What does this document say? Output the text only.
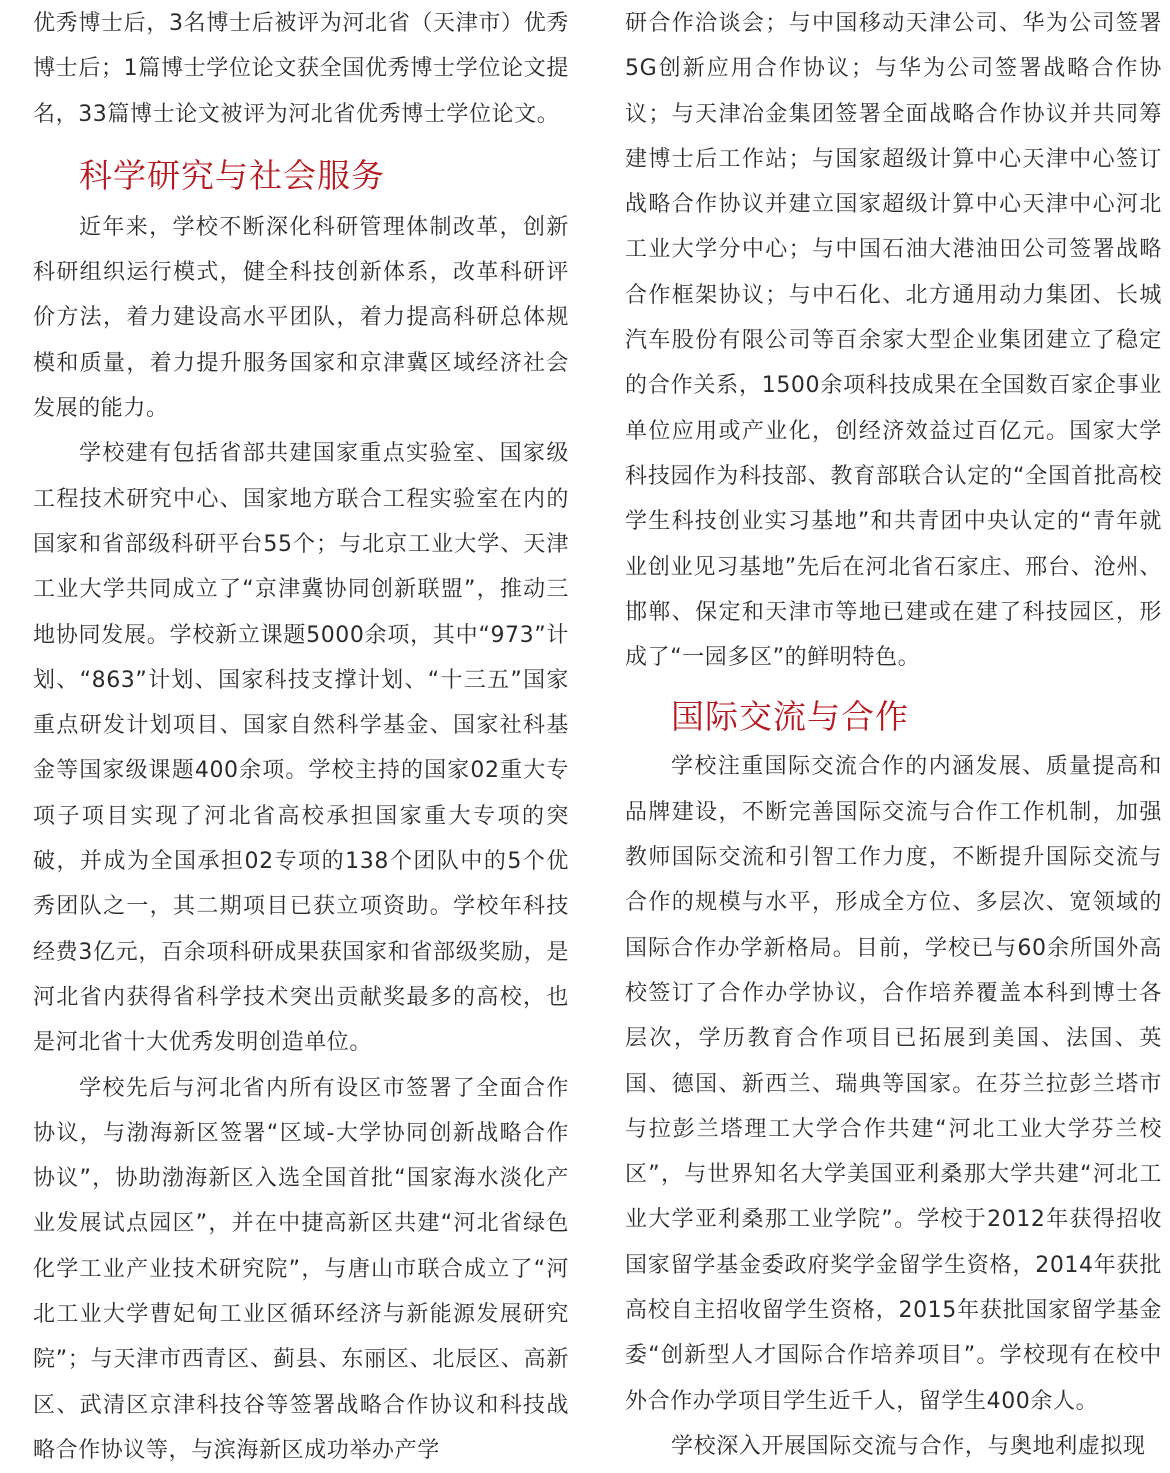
优秀博士后，3名博士后被评为河北省（天津市）优秀博士后；1篇博士学位论文获全国优秀博士学位论文提名，33篇博士论文被评为河北省优秀博士学位论文。

科学研究与社会服务

近年来，学校不断深化科研管理体制改革，创新科研组织运行模式，健全科技创新体系，改革科研评价方法，着力建设高水平团队，着力提高科研总体规模和质量，着力提升服务国家和京津冀区域经济社会发展的能力。

学校建有包括省部共建国家重点实验室、国家级工程技术研究中心、国家地方联合工程实验室在内的国家和省部级科研平台55个；与北京工业大学、天津工业大学共同成立了“京津冀协同创新联盟”，推动三地协同发展。学校新立课题5000余项，其中“973”计划、“863”计划、国家科技支撑计划、“十三五”国家重点研发计划项目、国家自然科学基金、国家社科基金等国家级课题400余项。学校主持的国家02重大专项子项目实现了河北省高校承担国家重大专项的突破，并成为全国承担02专项的138个团队中的5个优秀团队之一，其二期项目已获立项资助。学校年科技经费3亿元，百余项科研成果获国家和省部级奖励，是河北省内获得省科学技术突出贡献奖最多的高校，也是河北省十大优秀发明创造单位。

学校先后与河北省内所有设区市签署了全面合作协议，与渤海新区签署“区域-大学协同创新战略合作协议”，协助渤海新区入选全国首批“国家海水淡化产业发展试点园区”，并在中捷高新区共建“河北省绿色化学工业产业技术研究院”，与唐山市联合成立了“河北工业大学曹妃甸工业区循环经济与新能源发展研究院”；与天津市西青区、蓟县、东丽区、北辰区、高新区、武清区京津科技谷等签署战略合作协议和科技战略合作协议等，与滨海新区成功举办产学

研合作洽谈会；与中国移动天津公司、华为公司签署5G创新应用合作协议；与华为公司签署战略合作协议；与天津冶金集团签署全面战略合作协议并共同筹建博士后工作站；与国家超级计算中心天津中心签订战略合作协议并建立国家超级计算中心天津中心河北工业大学分中心；与中国石油大港油田公司签署战略合作框架协议；与中石化、北方通用动力集团、长城汽车股份有限公司等百余家大型企业集团建立了稳定的合作关系，1500余项科技成果在全国数百家企事业单位应用或产业化，创经济效益过百亿元。国家大学科技园作为科技部、教育部联合认定的“全国首批高校学生科技创业实习基地”和共青团中央认定的“青年就业创业见习基地”先后在河北省石家庄、邢台、沧州、邯郸、保定和天津市等地已建或在建了科技园区，形成了“一园多区”的鲜明特色。

国际交流与合作

学校注重国际交流合作的内涵发展、质量提高和品牌建设，不断完善国际交流与合作工作机制，加强教师国际交流和引智工作力度，不断提升国际交流与合作的规模与水平，形成全方位、多层次、宽领域的国际合作办学新格局。目前，学校已与60余所国外高校签订了合作办学协议，合作培养覆盖本科到博士各层次，学历教育合作项目已拓展到美国、法国、英国、德国、新西兰、瑞典等国家。在芬兰拉彭兰塔市与拉彭兰塔理工大学合作共建“河北工业大学芬兰校区”，与世界知名大学美国亚利桑那大学共建“河北工业大学亚利桑那工业学院”。学校于2012年获得招收国家留学基金委政府奖学金留学生资格，2014年获批高校自主招收留学生资格，2015年获批国家留学基金委“创新型人才国际合作培养项目”。学校现有在校中外合作办学项目学生近千人，留学生400余人。

学校深入开展国际交流与合作，与奥地利虚拟现
